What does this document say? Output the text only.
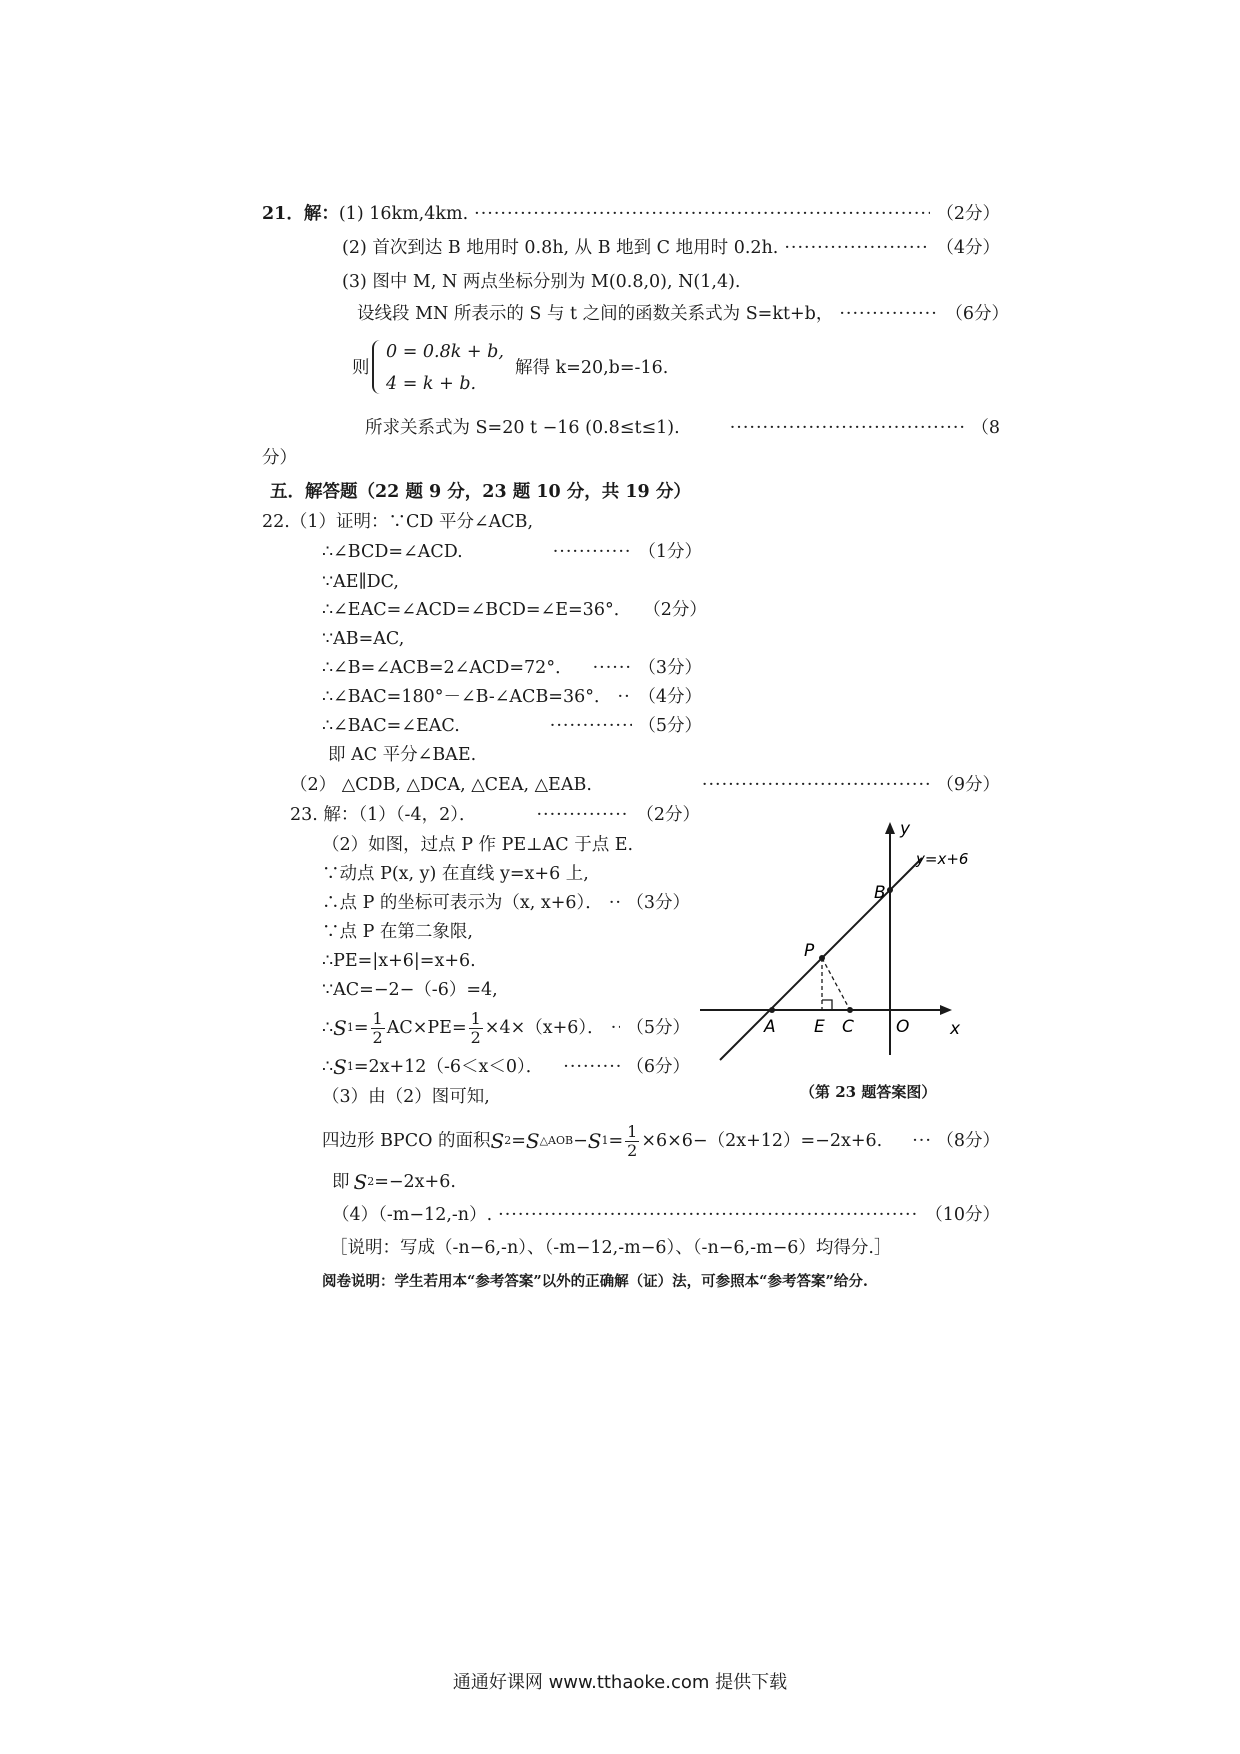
21．解： (1) 16km,4km. ·····	（2分）
(2) 首次到达 B 地用时 0.8h, 从 B 地到 C 地用时 0.2h. ·····	（4分）
(3) 图中 M, N 两点坐标分别为 M(0.8,0), N(1,4).
设线段 MN 所表示的 S 与 t 之间的函数关系式为 S=kt+b， ·····	（6分）
则
0 = 0.8k + b,
4 = k + b.
解得 k=20,b=-16.
所求关系式为 S=20 t −16 (0.8≤t≤1). ·····	（8
分）
五．解答题（22 题 9 分，23 题 10 分，共 19 分）
22.（1）证明：∵CD 平分∠ACB,
∴∠BCD=∠ACD. ·····	（1分）
∵AE∥DC,
∴∠EAC=∠ACD=∠BCD=∠E=36°． （2分）
∵AB=AC,
∴∠B=∠ACB=2∠ACD=72°． ·····	（3分）
∴∠BAC=180°－∠B-∠ACB=36°． ····· （4分）
∴∠BAC=∠EAC. ·····	（5分）
即 AC 平分∠BAE.
（2） △CDB, △DCA, △CEA, △EAB. ·····	（9分）
23. 解：（1）（-4，2）． ·····	（2分）
（2）如图，过点 P 作 PE⊥AC 于点 E.
∵动点 P(x, y) 在直线 y=x+6 上,
∴点 P 的坐标可表示为（x, x+6）． ····· （3分）
∵点 P 在第二象限,
∴PE=|x+6|=x+6.
∵AC=−2−（-6）=4,
∴ S $1 = \frac{1}{2} AC\times PE= \frac{1}{2} \times 4\times(x+6)$． ····· （5分）
∴ S 1 =2x+12（-6＜x＜0）． ·····	（6分）
（3）由（2）图可知,
四边形 BPCO 的面积 S 2 = S △AOB − S $1 = \frac{1}{2} \times 6\times 6-(2x+12)=-2x+6$. ·····	（8分）
即 S 2 =−2x+6.
（4）（-m−12,-n）. ·····	（10分）
［说明：写成（-n−6,-n）、（-m−12,-m−6）、（-n−6,-m−6）均得分.］
阅卷说明：学生若用本“参考答案”以外的正确解（证）法，可参照本“参考答案”给分.
y
x
y=x+6
B
P
A E C O
（第 23 题答案图）
通通好课网 www.tthaoke.com 提供下载
